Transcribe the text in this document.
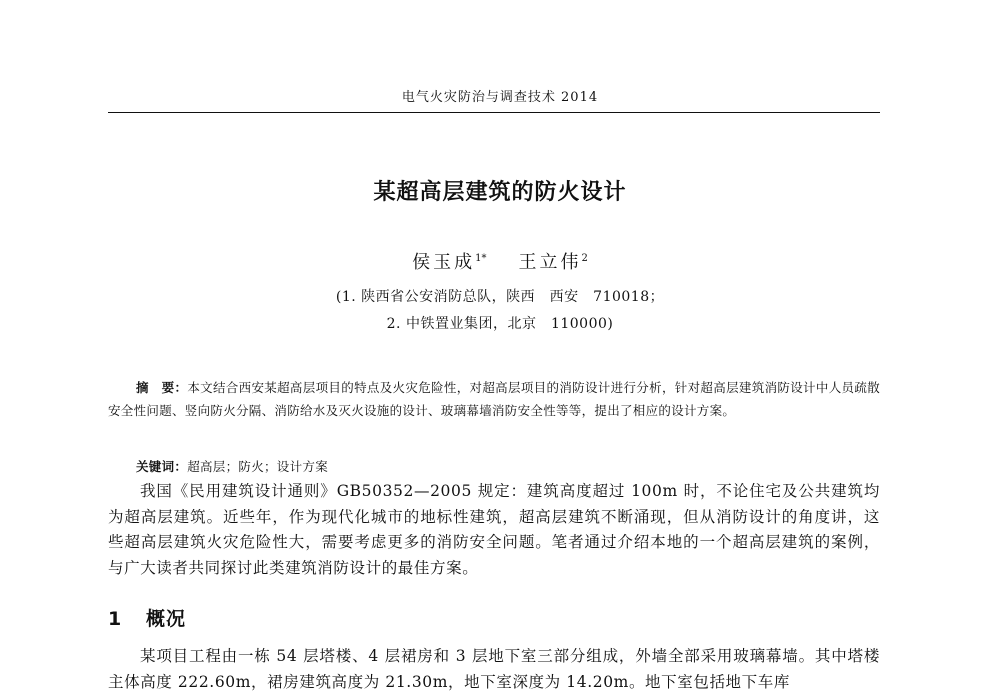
电气火灾防治与调查技术 2014
某超高层建筑的防火设计
侯玉成$^{1*}$ 王立伟$^2$
(1. 陕西省公安消防总队，陕西　西安　710018；
2. 中铁置业集团，北京　110000)
摘　要：本文结合西安某超高层项目的特点及火灾危险性，对超高层项目的消防设计进行分析，针对超高层建筑消防设计中人员疏散安全性问题、竖向防火分隔、消防给水及灭火设施的设计、玻璃幕墙消防安全性等等，提出了相应的设计方案。
关键词：超高层；防火；设计方案
我国《民用建筑设计通则》GB50352—2005 规定：建筑高度超过 100m 时，不论住宅及公共建筑均为超高层建筑。近些年，作为现代化城市的地标性建筑，超高层建筑不断涌现，但从消防设计的角度讲，这些超高层建筑火灾危险性大，需要考虑更多的消防安全问题。笔者通过介绍本地的一个超高层建筑的案例，与广大读者共同探讨此类建筑消防设计的最佳方案。
1 概况
某项目工程由一栋 54 层塔楼、4 层裙房和 3 层地下室三部分组成，外墙全部采用玻璃幕墙。其中塔楼主体高度 222.60m，裙房建筑高度为 21.30m，地下室深度为 14.20m。地下室包括地下车库
